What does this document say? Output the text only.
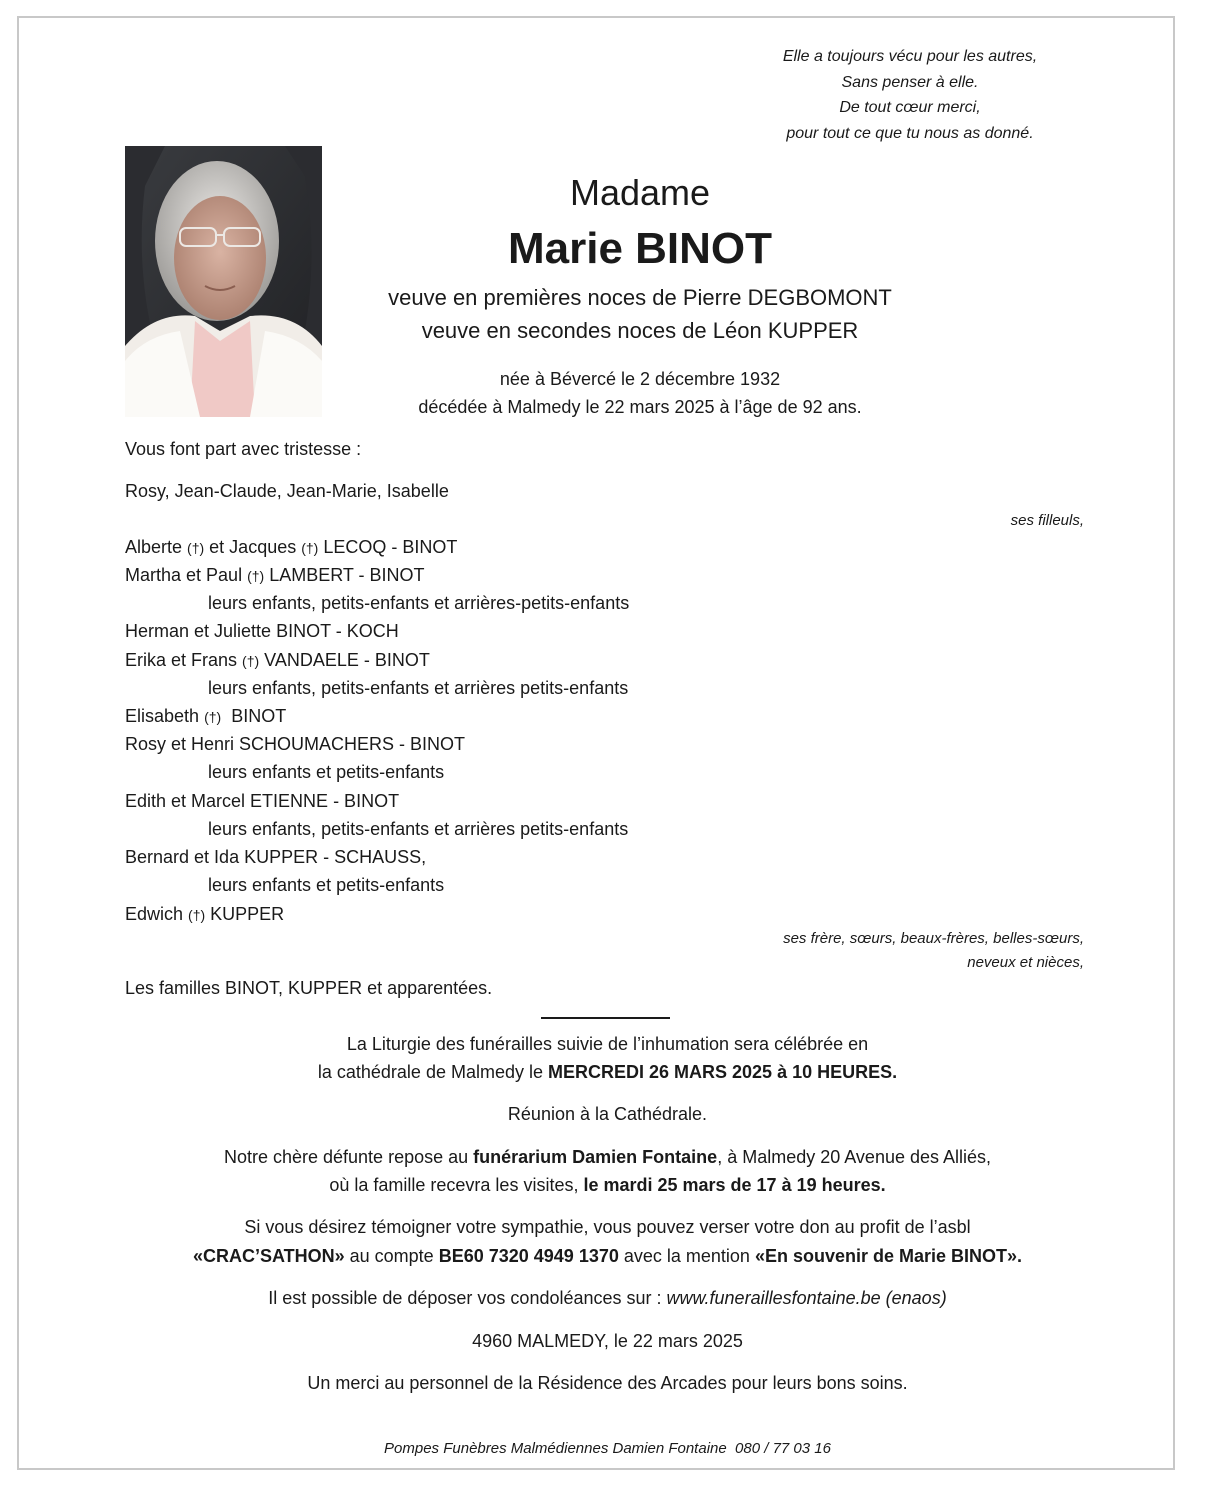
Elle a toujours vécu pour les autres,
Sans penser à elle.
De tout cœur merci,
pour tout ce que tu nous as donné.
Madame
Marie BINOT
veuve en premières noces de Pierre DEGBOMONT
veuve en secondes noces de Léon KUPPER
née à Bévercé le 2 décembre 1932
décédée à Malmedy le 22 mars 2025 à l’âge de 92 ans.
Vous font part avec tristesse :
Rosy, Jean-Claude, Jean-Marie, Isabelle
ses filleuls,
Alberte (†) et Jacques (†) LECOQ - BINOT
Martha et Paul (†) LAMBERT - BINOT
leurs enfants, petits-enfants et arrières-petits-enfants
Herman et Juliette BINOT - KOCH
Erika et Frans (†) VANDAELE - BINOT
leurs enfants, petits-enfants et arrières petits-enfants
Elisabeth (†)  BINOT
Rosy et Henri SCHOUMACHERS - BINOT
leurs enfants et petits-enfants
Edith et Marcel ETIENNE - BINOT
leurs enfants, petits-enfants et arrières petits-enfants
Bernard et Ida KUPPER - SCHAUSS,
leurs enfants et petits-enfants
Edwich (†) KUPPER
ses frère, sœurs, beaux-frères, belles-sœurs,
neveux et nièces,
Les familles BINOT, KUPPER et apparentées.
La Liturgie des funérailles suivie de l’inhumation sera célébrée en
la cathédrale de Malmedy le MERCREDI 26 MARS 2025 à 10 HEURES.
Réunion à la Cathédrale.
Notre chère défunte repose au funérarium Damien Fontaine, à Malmedy 20 Avenue des Alliés,
où la famille recevra les visites, le mardi 25 mars de 17 à 19 heures.
Si vous désirez témoigner votre sympathie, vous pouvez verser votre don au profit de l’asbl
«CRAC’SATHON» au compte BE60 7320 4949 1370 avec la mention «En souvenir de Marie BINOT».
Il est possible de déposer vos condoléances sur : www.funeraillesfontaine.be (enaos)
4960 MALMEDY, le 22 mars 2025
Un merci au personnel de la Résidence des Arcades pour leurs bons soins.
Pompes Funèbres Malmédiennes Damien Fontaine  080 / 77 03 16
